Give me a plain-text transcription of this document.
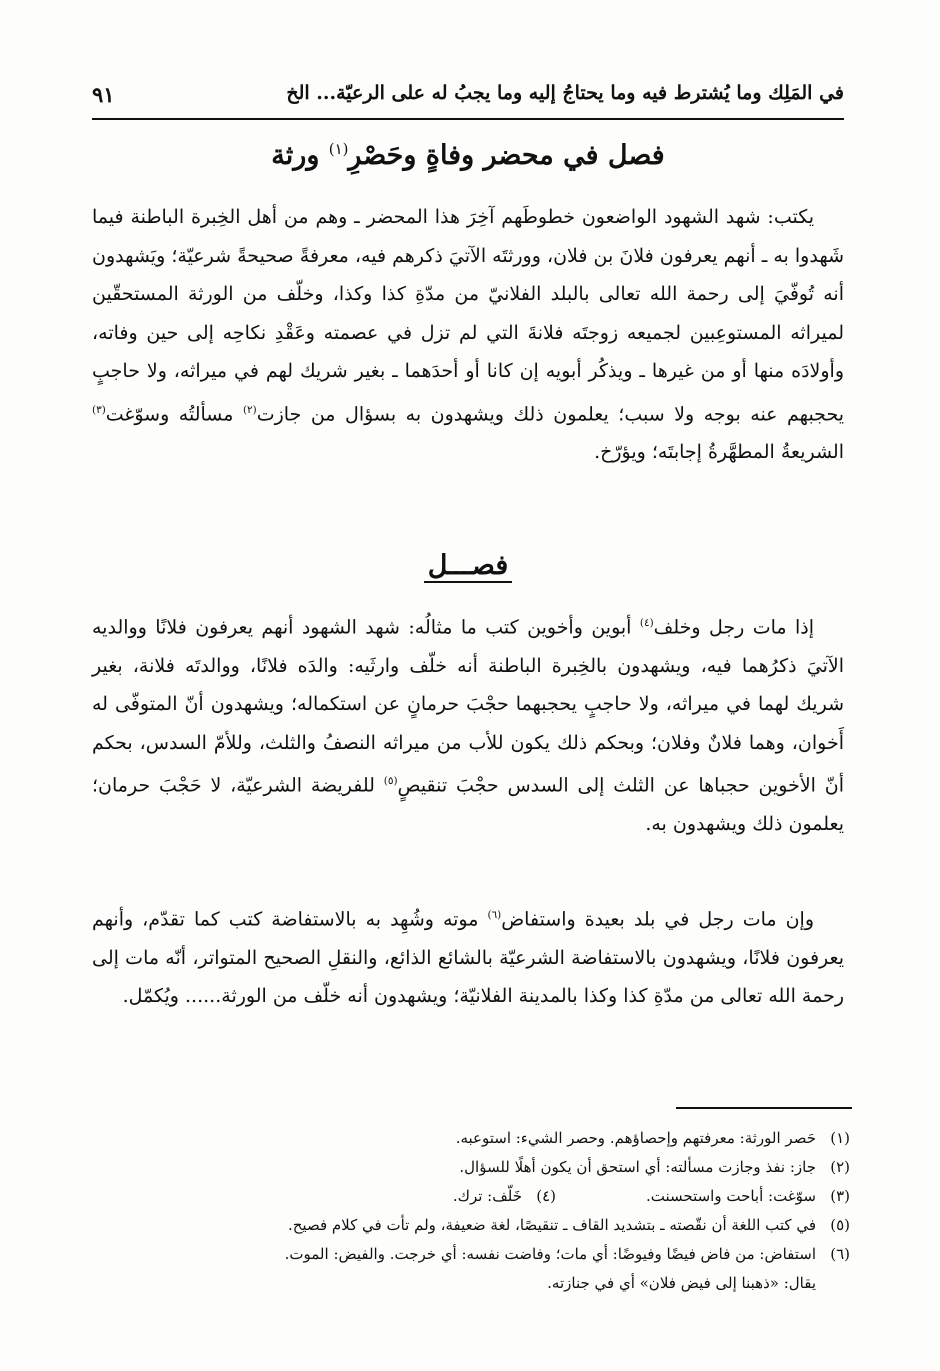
في المَلِك وما يُشترط فيه وما يحتاجُ إليه وما يجبُ له على الرعيّة... الخ
٩١
فصل في محضر وفاةٍ وحَصْرِ$^{(١)}$ ورثة
يكتب: شهد الشهود الواضعون خطوطَهم آخِرَ هذا المحضر ـ وهم من أهل الخِبرة الباطنة فيما شَهدوا به ـ أنهم يعرفون فلانَ بن فلان، وورثتَه الآتيَ ذكرهم فيه، معرفةً صحيحةً شرعيّة؛ ويَشهدون أنه تُوفّيَ إلى رحمة الله تعالى بالبلد الفلانيّ من مدّةِ كذا وكذا، وخلّف من الورثة المستحقّين لميراثه المستوعِبين لجميعه زوجتَه فلانةَ التي لم تزل في عصمته وعَقْدِ نكاحِه إلى حين وفاته، وأولادَه منها أو من غيرها ـ ويذكُر أبويه إن كانا أو أحدَهما ـ بغير شريك لهم في ميراثه، ولا حاجبٍ يحجبهم عنه بوجه ولا سبب؛ يعلمون ذلك ويشهدون به بسؤال من جازت$^{(٢)}$ مسألتُه وسوّغت$^{(٣)}$ الشريعةُ المطهَّرةُ إجابتَه؛ ويؤرّخ.
فصـــل
إذا مات رجل وخلف$^{(٤)}$ أبوين وأخوين كتب ما مثالُه: شهد الشهود أنهم يعرفون فلانًا ووالديه الآتيَ ذكرُهما فيه، ويشهدون بالخِبرة الباطنة أنه خلّف وارثَيه: والدَه فلانًا، ووالدتَه فلانة، بغير شريك لهما في ميراثه، ولا حاجبٍ يحجبهما حجْبَ حرمانٍ عن استكماله؛ ويشهدون أنّ المتوفّى له أَخوان، وهما فلانٌ وفلان؛ وبحكم ذلك يكون للأب من ميراثه النصفُ والثلث، وللأمّ السدس، بحكم أنّ الأخوين حجباها عن الثلث إلى السدس حجْبَ تنقيصٍ$^{(٥)}$ للفريضة الشرعيّة، لا حَجْبَ حرمان؛ يعلمون ذلك ويشهدون به.
وإن مات رجل في بلد بعيدة واستفاض$^{(٦)}$ موته وشُهِد به بالاستفاضة كتب كما تقدّم، وأنهم يعرفون فلانًا، ويشهدون بالاستفاضة الشرعيّة بالشائع الذائع، والنقلِ الصحيح المتواتر، أنّه مات إلى رحمة الله تعالى من مدّةِ كذا وكذا بالمدينة الفلانيّة؛ ويشهدون أنه خلّف من الورثة...... ويُكمّل.
(١)حَصر الورثة: معرفتهم وإحصاؤهم. وحصر الشيء: استوعبه.
(٢)جاز: نفذ وجازت مسألته: أي استحق أن يكون أهلًا للسؤال.
(٣)سوّغت: أباحت واستحسنت.(٤)خَلّف: ترك.
(٥)في كتب اللغة أن نقّصته ـ بتشديد القاف ـ تنقيصًا، لغة ضعيفة، ولم تأت في كلام فصيح.
(٦)استفاض: من فاض فيضًا وفيوضًا: أي مات؛ وفاضت نفسه: أي خرجت. والفيض: الموت.
يقال: «ذهبنا إلى فيض فلان» أي في جنازته.
